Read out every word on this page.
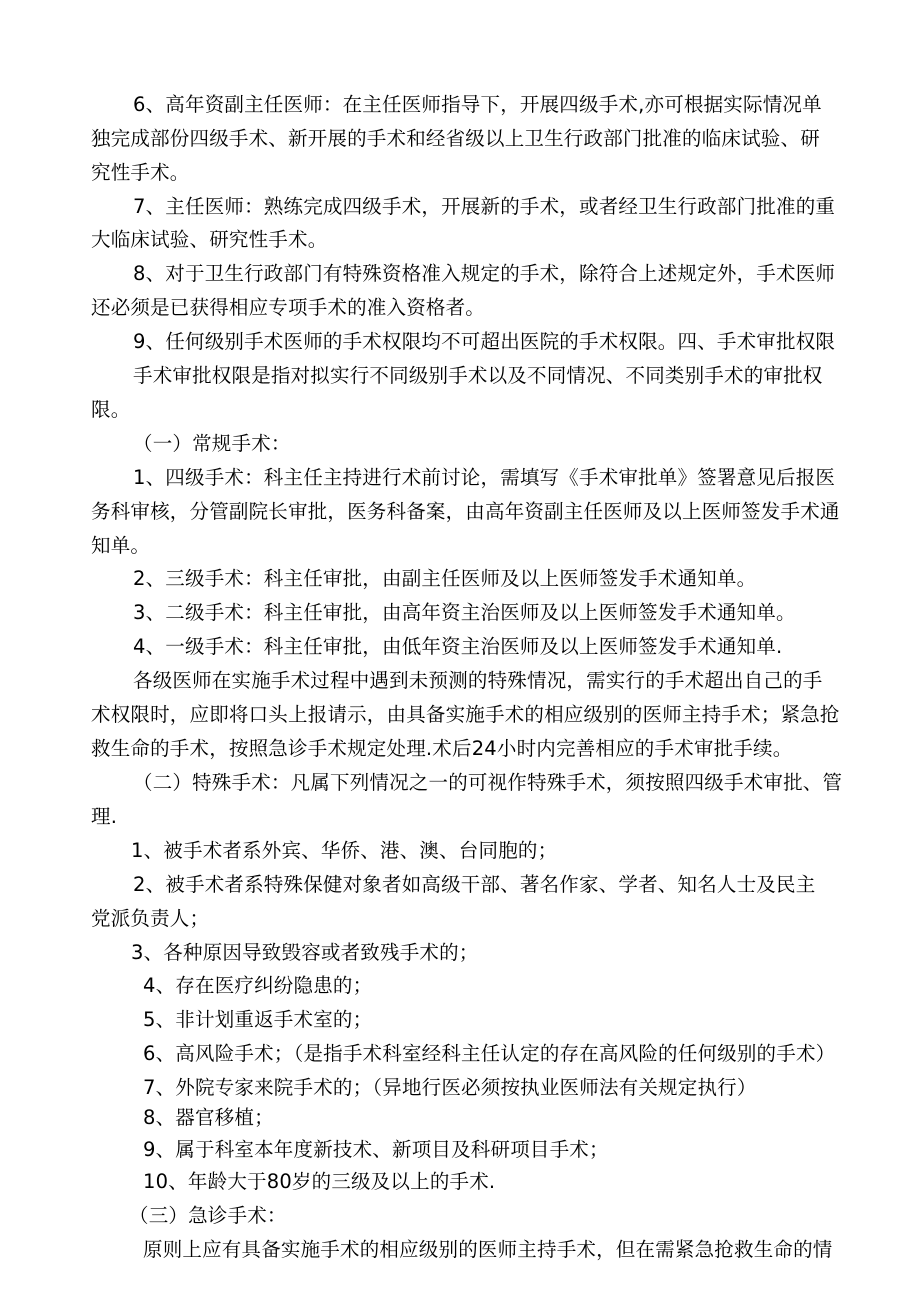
6、高年资副主任医师：在主任医师指导下，开展四级手术,亦可根据实际情况单

独完成部份四级手术、新开展的手术和经省级以上卫生行政部门批准的临床试验、研

究性手术。

7、主任医师：熟练完成四级手术，开展新的手术，或者经卫生行政部门批准的重

大临床试验、研究性手术。

8、对于卫生行政部门有特殊资格准入规定的手术，除符合上述规定外，手术医师

还必须是已获得相应专项手术的准入资格者。

9、任何级别手术医师的手术权限均不可超出医院的手术权限。四、手术审批权限

手术审批权限是指对拟实行不同级别手术以及不同情况、不同类别手术的审批权

限。

（一）常规手术：

1、四级手术：科主任主持进行术前讨论，需填写《手术审批单》签署意见后报医

务科审核，分管副院长审批，医务科备案，由高年资副主任医师及以上医师签发手术通

知单。

2、三级手术：科主任审批，由副主任医师及以上医师签发手术通知单。

3、二级手术：科主任审批，由高年资主治医师及以上医师签发手术通知单。

4、一级手术：科主任审批，由低年资主治医师及以上医师签发手术通知单.

各级医师在实施手术过程中遇到未预测的特殊情况，需实行的手术超出自己的手

术权限时，应即将口头上报请示，由具备实施手术的相应级别的医师主持手术；紧急抢

救生命的手术，按照急诊手术规定处理.术后24小时内完善相应的手术审批手续。

（二）特殊手术：凡属下列情况之一的可视作特殊手术，须按照四级手术审批、管

理.

1、被手术者系外宾、华侨、港、澳、台同胞的；

2、被手术者系特殊保健对象者如高级干部、著名作家、学者、知名人士及民主

党派负责人；

3、各种原因导致毁容或者致残手术的；

4、存在医疗纠纷隐患的；

5、非计划重返手术室的；

6、高风险手术；（是指手术科室经科主任认定的存在高风险的任何级别的手术）

7、外院专家来院手术的；（异地行医必须按执业医师法有关规定执行）

8、器官移植；

9、属于科室本年度新技术、新项目及科研项目手术；

10、年龄大于80岁的三级及以上的手术.

（三）急诊手术：

原则上应有具备实施手术的相应级别的医师主持手术，但在需紧急抢救生命的情
